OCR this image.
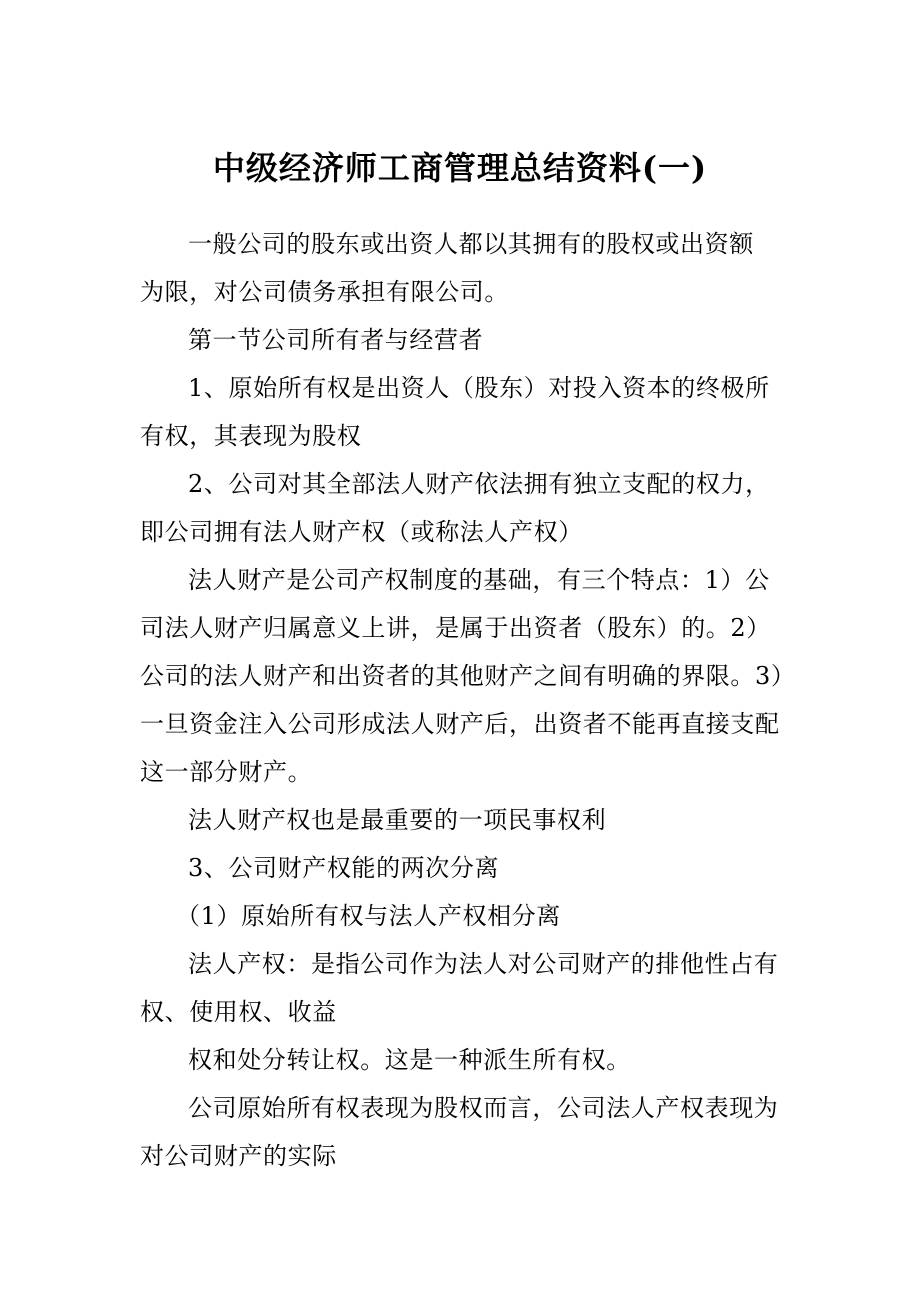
中级经济师工商管理总结资料(一)
一般公司的股东或出资人都以其拥有的股权或出资额
为限，对公司债务承担有限公司。
第一节公司所有者与经营者
1、原始所有权是出资人（股东）对投入资本的终极所
有权，其表现为股权
2、公司对其全部法人财产依法拥有独立支配的权力，
即公司拥有法人财产权（或称法人产权）
法人财产是公司产权制度的基础，有三个特点：1）公
司法人财产归属意义上讲，是属于出资者（股东）的。2）
公司的法人财产和出资者的其他财产之间有明确的界限。3）
一旦资金注入公司形成法人财产后，出资者不能再直接支配
这一部分财产。
法人财产权也是最重要的一项民事权利
3、公司财产权能的两次分离
（1）原始所有权与法人产权相分离
法人产权：是指公司作为法人对公司财产的排他性占有
权、使用权、收益
权和处分转让权。这是一种派生所有权。
公司原始所有权表现为股权而言，公司法人产权表现为
对公司财产的实际
